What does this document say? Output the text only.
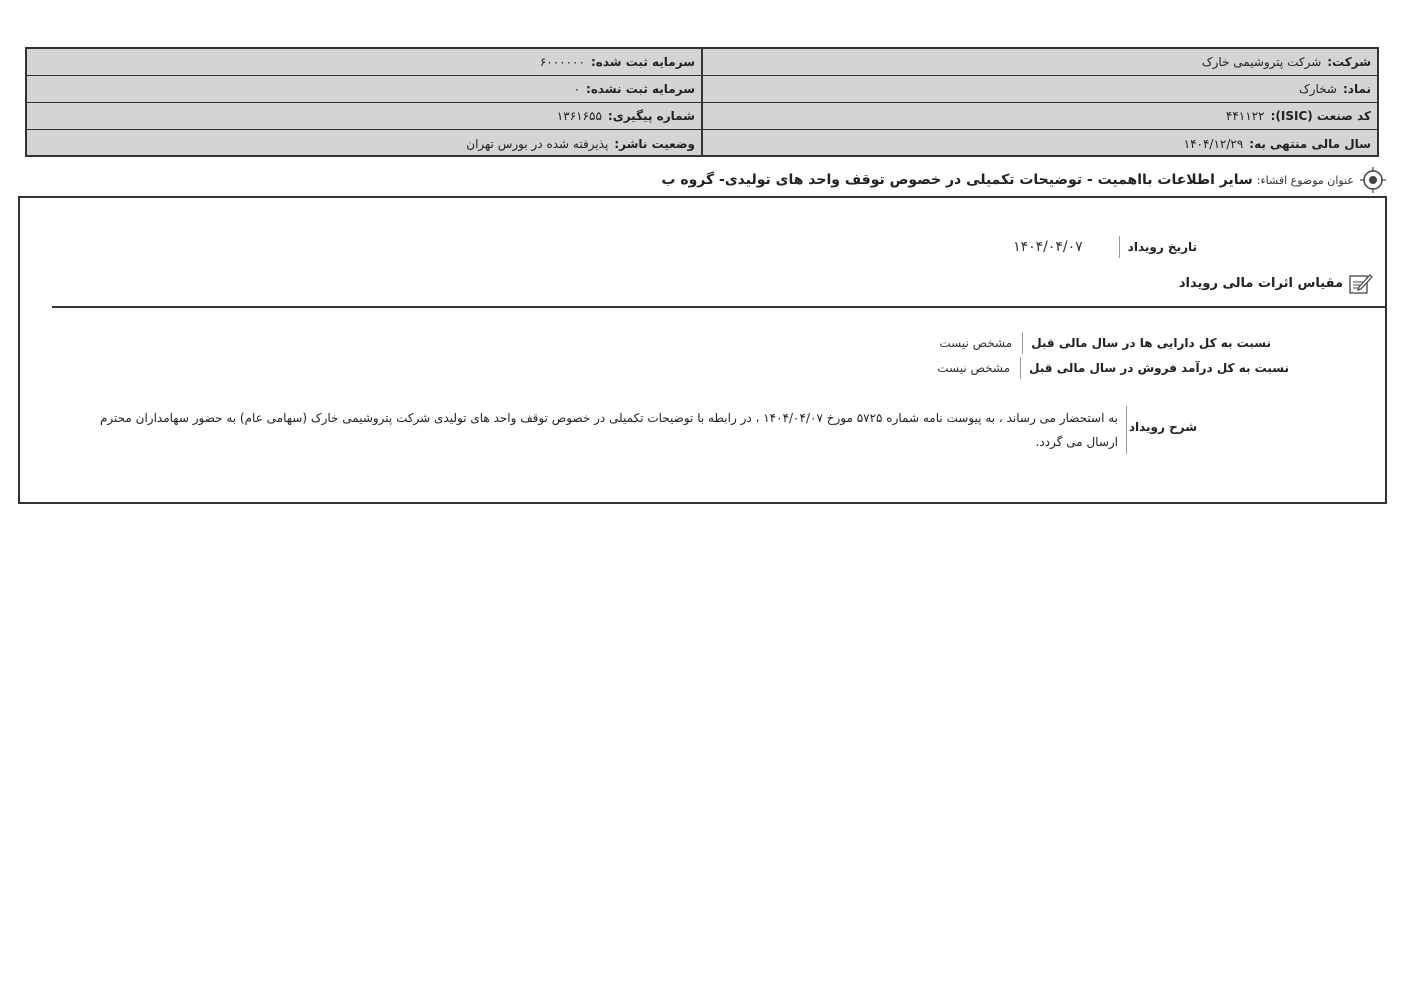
شرکت:
شرکت پتروشیمی خارک
سرمایه ثبت شده:
۶۰۰۰۰۰۰
نماد:
شخارک
سرمایه ثبت نشده:
۰
کد صنعت (ISIC):
۴۴۱۱۲۲
شماره پیگیری:
۱۳۶۱۶۵۵
سال مالی منتهی به:
۱۴۰۴/۱۲/۲۹
وضعیت ناشر:
پذیرفته شده در بورس تهران
عنوان موضوع افشاء:
سایر اطلاعات بااهمیت - توضیحات تکمیلی در خصوص توقف واحد های تولیدی- گروه ب
تاریخ رویداد
۱۴۰۴/۰۴/۰۷
مقیاس اثرات مالی رویداد
نسبت به کل دارایی ها در سال مالی قبل
مشخص نیست
نسبت به کل درآمد فروش در سال مالی قبل
مشخص نیست
شرح رویداد
به استحضار می رساند ، به پیوست نامه شماره ۵۷۲۵ مورخ ۱۴۰۴/۰۴/۰۷ ، در رابطه با توضیحات تکمیلی در خصوص توقف واحد های تولیدی شرکت پتروشیمی خارک (سهامی عام) به حضور سهامداران محترم ارسال می گردد.
